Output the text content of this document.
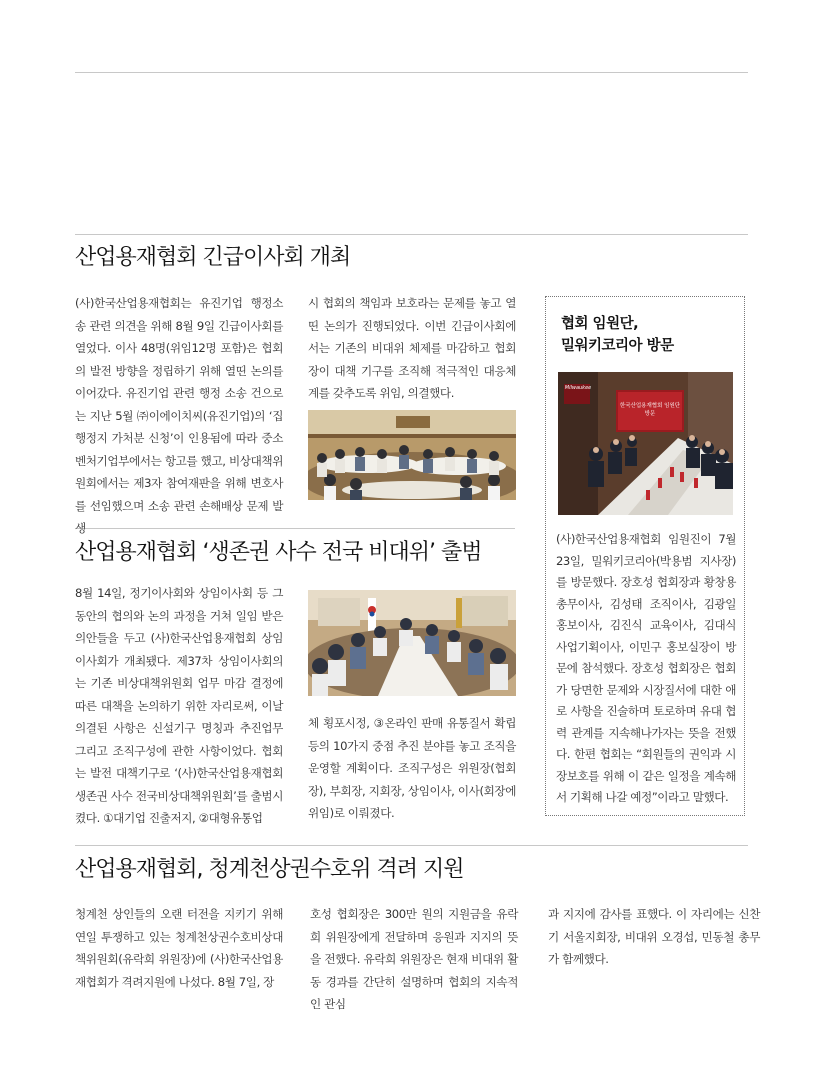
산업용재협회 긴급이사회 개최

(사)한국산업용재협회는 유진기업 행정소송 관련 의견을 위해 8월 9일 긴급이사회를 열었다. 이사 48명(위임12명 포함)은 협회의 발전 방향을 정립하기 위해 열띤 논의를 이어갔다. 유진기업 관련 행정 소송 건으로는 지난 5월 ㈜이에이치씨(유진기업)의 ‘집행정지 가처분 신청’이 인용됨에 따라 중소벤처기업부에서는 항고를 했고, 비상대책위원회에서는 제3자 참여재판을 위해 변호사를 선임했으며 소송 관련 손해배상 문제 발생

시 협회의 책임과 보호라는 문제를 놓고 열띤 논의가 진행되었다. 이번 긴급이사회에서는 기존의 비대위 체제를 마감하고 협회장이 대책 기구를 조직해 적극적인 대응체계를 갖추도록 위임, 의결했다.

협회 임원단,
밀워키코리아 방문
Milwaukee
한국산업용재협회 임원단 방문
(사)한국산업용재협회 임원진이 7월 23일, 밀워키코리아(박용범 지사장)를 방문했다. 장호성 협회장과 황창용 총무이사, 김성태 조직이사, 김광일 홍보이사, 김진식 교육이사, 김대식 사업기획이사, 이민구 홍보실장이 방문에 참석했다. 장호성 협회장은 협회가 당면한 문제와 시장질서에 대한 애로 사항을 진술하며 토로하며 유대 협력 관계를 지속해나가자는 뜻을 전했다. 한편 협회는 “회원들의 권익과 시장보호를 위해 이 같은 일정을 계속해서 기획해 나갈 예정”이라고 말했다.
산업용재협회 ‘생존권 사수 전국 비대위’ 출범

8월 14일, 정기이사회와 상임이사회 등 그동안의 협의와 논의 과정을 거쳐 일임 받은 의안들을 두고 (사)한국산업용재협회 상임이사회가 개최됐다. 제37차 상임이사회의는 기존 비상대책위원회 업무 마감 결정에 따른 대책을 논의하기 위한 자리로써, 이날 의결된 사항은 신설기구 명칭과 추진업무 그리고 조직구성에 관한 사항이었다. 협회는 발전 대책기구로 ‘(사)한국산업용재협회 생존권 사수 전국비상대책위원회’를 출범시켰다. ①대기업 진출저지, ②대형유통업

체 횡포시정, ③온라인 판매 유통질서 확립 등의 10가지 중점 추진 분야를 놓고 조직을 운영할 계획이다. 조직구성은 위원장(협회장), 부회장, 지회장, 상임이사, 이사(회장에 위임)로 이뤄졌다.

산업용재협회, 청계천상권수호위 격려 지원

청계천 상인들의 오랜 터전을 지키기 위해 연일 투쟁하고 있는 청계천상권수호비상대책위원회(유락희 위원장)에 (사)한국산업용재협회가 격려지원에 나섰다. 8월 7일, 장

호성 협회장은 300만 원의 지원금을 유락희 위원장에게 전달하며 응원과 지지의 뜻을 전했다. 유락희 위원장은 현재 비대위 활동 경과를 간단히 설명하며 협회의 지속적인 관심

과 지지에 감사를 표했다. 이 자리에는 신찬기 서울지회장, 비대위 오경섭, 민동철 총무가 함께했다.
